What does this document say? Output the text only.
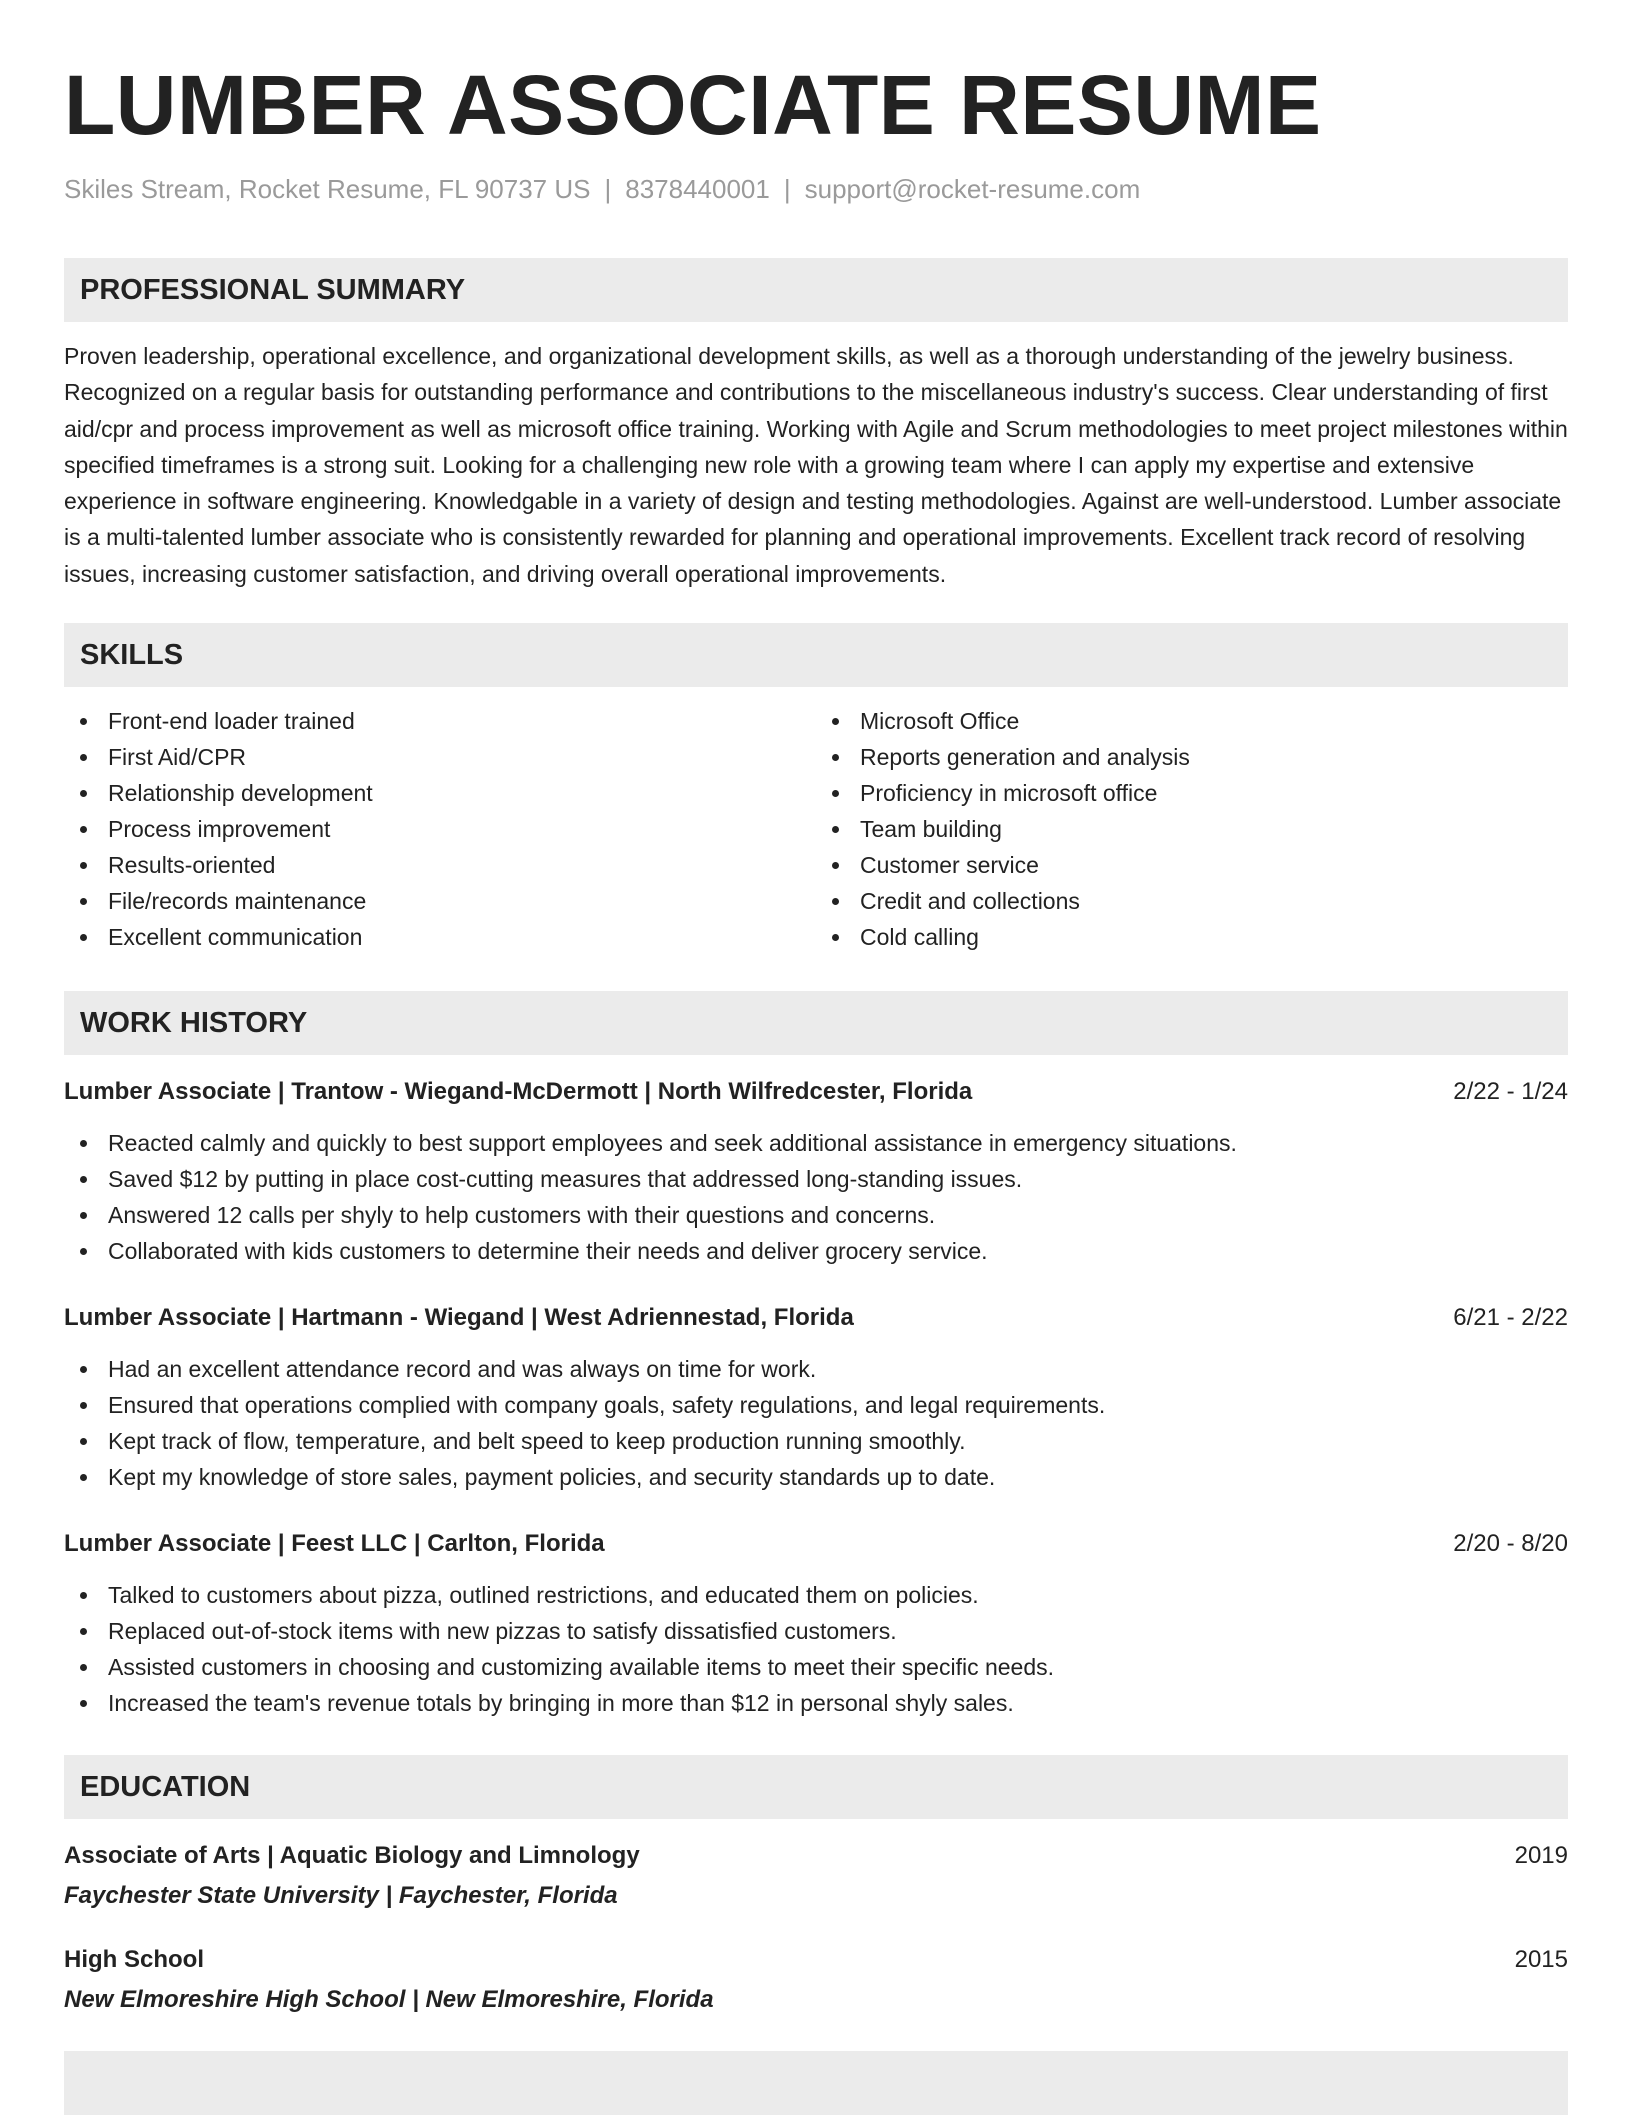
LUMBER ASSOCIATE RESUME
Skiles Stream, Rocket Resume, FL 90737 US | 8378440001 | support@rocket-resume.com
PROFESSIONAL SUMMARY
Proven leadership, operational excellence, and organizational development skills, as well as a thorough understanding of the jewelry business. Recognized on a regular basis for outstanding performance and contributions to the miscellaneous industry's success. Clear understanding of first aid/cpr and process improvement as well as microsoft office training. Working with Agile and Scrum methodologies to meet project milestones within specified timeframes is a strong suit. Looking for a challenging new role with a growing team where I can apply my expertise and extensive experience in software engineering. Knowledgable in a variety of design and testing methodologies. Against are well-understood. Lumber associate is a multi-talented lumber associate who is consistently rewarded for planning and operational improvements. Excellent track record of resolving issues, increasing customer satisfaction, and driving overall operational improvements.
SKILLS
Front-end loader trained
First Aid/CPR
Relationship development
Process improvement
Results-oriented
File/records maintenance
Excellent communication
Microsoft Office
Reports generation and analysis
Proficiency in microsoft office
Team building
Customer service
Credit and collections
Cold calling
WORK HISTORY
Lumber Associate | Trantow - Wiegand-McDermott | North Wilfredcester, Florida	2/22 - 1/24
Reacted calmly and quickly to best support employees and seek additional assistance in emergency situations.
Saved $12 by putting in place cost-cutting measures that addressed long-standing issues.
Answered 12 calls per shyly to help customers with their questions and concerns.
Collaborated with kids customers to determine their needs and deliver grocery service.
Lumber Associate | Hartmann - Wiegand | West Adriennestad, Florida	6/21 - 2/22
Had an excellent attendance record and was always on time for work.
Ensured that operations complied with company goals, safety regulations, and legal requirements.
Kept track of flow, temperature, and belt speed to keep production running smoothly.
Kept my knowledge of store sales, payment policies, and security standards up to date.
Lumber Associate | Feest LLC | Carlton, Florida	2/20 - 8/20
Talked to customers about pizza, outlined restrictions, and educated them on policies.
Replaced out-of-stock items with new pizzas to satisfy dissatisfied customers.
Assisted customers in choosing and customizing available items to meet their specific needs.
Increased the team's revenue totals by bringing in more than $12 in personal shyly sales.
EDUCATION
Associate of Arts | Aquatic Biology and Limnology	2019
Faychester State University | Faychester, Florida
High School	2015
New Elmoreshire High School | New Elmoreshire, Florida
